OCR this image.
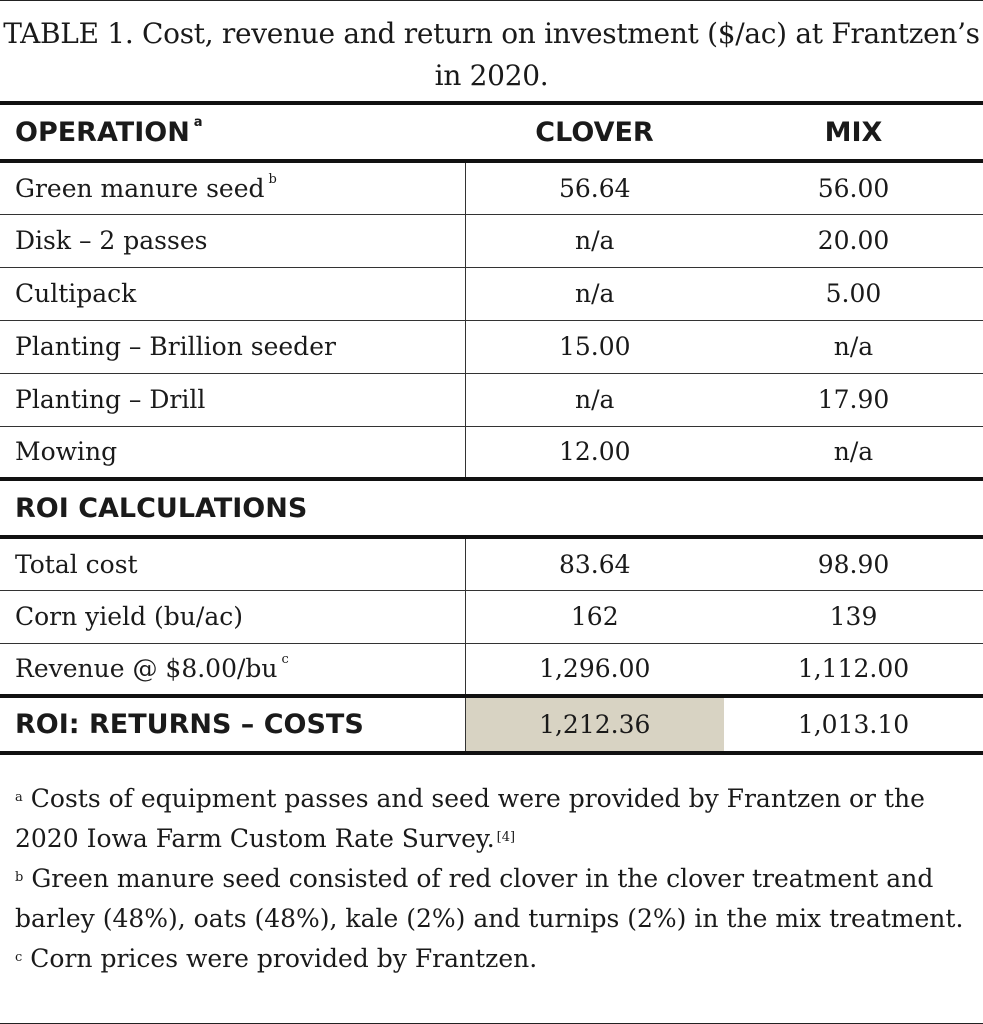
TABLE 1. Cost, revenue and return on investment ($/ac) at Frantzen’s in 2020.
OPERATION $^a$	CLOVER	MIX
Green manure seed $^b$	56.64	56.00
Disk – 2 passes	n/a	20.00
Cultipack	n/a	5.00
Planting – Brillion seeder	15.00	n/a
Planting – Drill	n/a	17.90
Mowing	12.00	n/a
ROI CALCULATIONS		
Total cost	83.64	98.90
Corn yield (bu/ac)	162	139
Revenue @ $8.00/bu $^c$	1,296.00	1,112.00
ROI: RETURNS – COSTS	1,212.36	1,013.10

$^a$ Costs of equipment passes and seed were provided by Frantzen or the 2020 Iowa Farm Custom Rate Survey. [4]

$^b$ Green manure seed consisted of red clover in the clover treatment and barley (48%), oats (48%), kale (2%) and turnips (2%) in the mix treatment.

$^c$ Corn prices were provided by Frantzen.
